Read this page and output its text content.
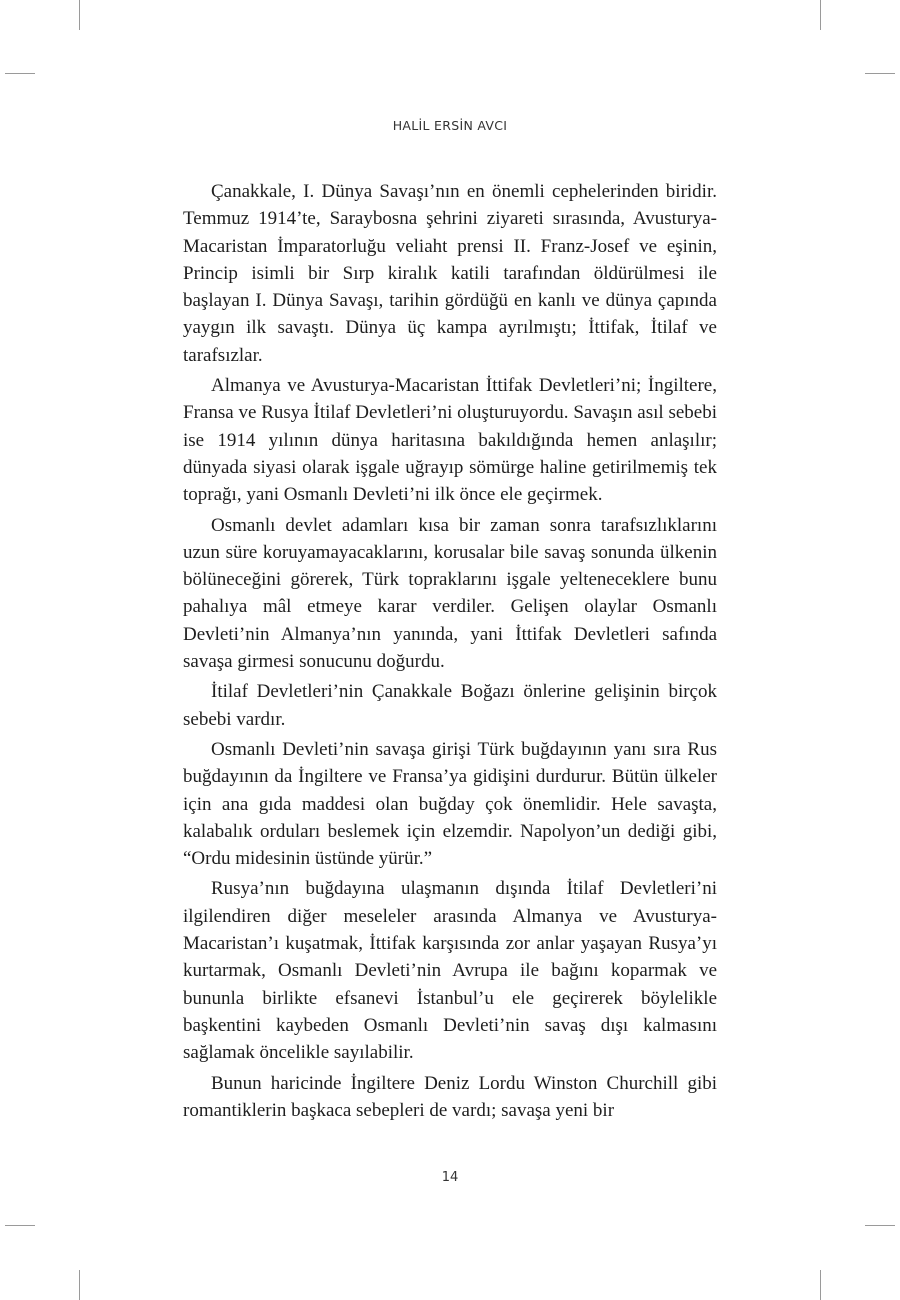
HALİL ERSİN AVCI

Çanakkale, I. Dünya Savaşı’nın en önemli cephelerinden biridir. Temmuz 1914’te, Saraybosna şehrini ziyareti sırasında, Avusturya-Macaristan İmparatorluğu veliaht prensi II. Franz-Josef ve eşinin, Princip isimli bir Sırp kiralık katili tarafından öldürülmesi ile başlayan I. Dünya Savaşı, tarihin gördüğü en kanlı ve dünya çapında yaygın ilk savaştı. Dünya üç kampa ayrılmıştı; İttifak, İtilaf ve tarafsızlar.

Almanya ve Avusturya-Macaristan İttifak Devletleri’ni; İngiltere, Fransa ve Rusya İtilaf Devletleri’ni oluşturuyordu. Savaşın asıl sebebi ise 1914 yılının dünya haritasına bakıldığında hemen anlaşılır; dünyada siyasi olarak işgale uğrayıp sömürge haline getirilmemiş tek toprağı, yani Osmanlı Devleti’ni ilk önce ele geçirmek.

Osmanlı devlet adamları kısa bir zaman sonra tarafsızlıklarını uzun süre koruyamayacaklarını, korusalar bile savaş sonunda ülkenin bölüneceğini görerek, Türk topraklarını işgale yelteneceklere bunu pahalıya mâl etmeye karar verdiler. Gelişen olaylar Osmanlı Devleti’nin Almanya’nın yanında, yani İttifak Devletleri safında savaşa girmesi sonucunu doğurdu.

İtilaf Devletleri’nin Çanakkale Boğazı önlerine gelişinin birçok sebebi vardır.

Osmanlı Devleti’nin savaşa girişi Türk buğdayının yanı sıra Rus buğdayının da İngiltere ve Fransa’ya gidişini durdurur. Bütün ülkeler için ana gıda maddesi olan buğday çok önemlidir. Hele savaşta, kalabalık orduları beslemek için elzemdir. Napolyon’un dediği gibi, “Ordu midesinin üstünde yürür.”

Rusya’nın buğdayına ulaşmanın dışında İtilaf Devletleri’ni ilgilendiren diğer meseleler arasında Almanya ve Avusturya-Macaristan’ı kuşatmak, İttifak karşısında zor anlar yaşayan Rusya’yı kurtarmak, Osmanlı Devleti’nin Avrupa ile bağını koparmak ve bununla birlikte efsanevi İstanbul’u ele geçirerek böylelikle başkentini kaybeden Osmanlı Devleti’nin savaş dışı kalmasını sağlamak öncelikle sayılabilir.

Bunun haricinde İngiltere Deniz Lordu Winston Churchill gibi romantiklerin başkaca sebepleri de vardı; savaşa yeni bir

14
